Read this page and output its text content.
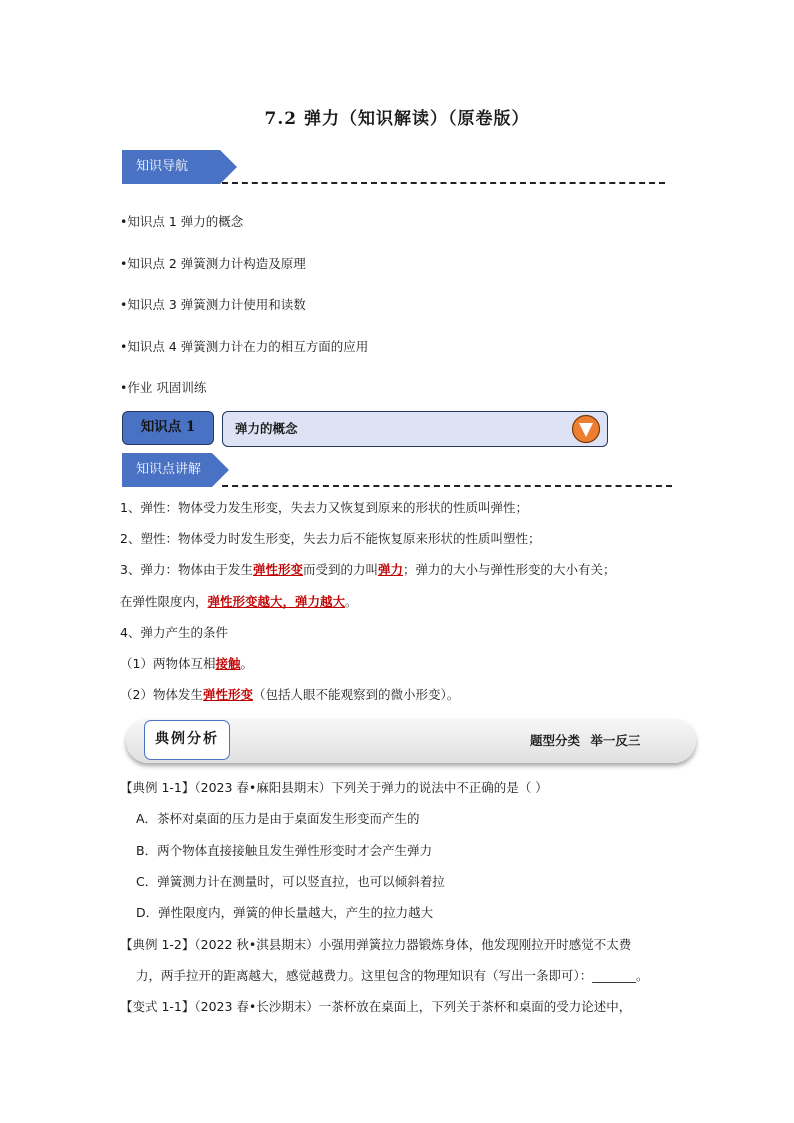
7.2 弹力（知识解读）（原卷版）
知识导航
•知识点 1 弹力的概念
•知识点 2 弹簧测力计构造及原理
•知识点 3 弹簧测力计使用和读数
•知识点 4 弹簧测力计在力的相互方面的应用
•作业 巩固训练
知识点 1	弹力的概念
知识点讲解
1、弹性：物体受力发生形变，失去力又恢复到原来的形状的性质叫弹性；
2、塑性：物体受力时发生形变，失去力后不能恢复原来形状的性质叫塑性；
3、弹力：物体由于发生弹性形变而受到的力叫弹力；弹力的大小与弹性形变的大小有关；
在弹性限度内，弹性形变越大，弹力越大。
4、弹力产生的条件
（1）两物体互相接触。
（2）物体发生弹性形变（包括人眼不能观察到的微小形变）。
典例分析	题型分类 举一反三
【典例 1-1】（2023 春•麻阳县期末）下列关于弹力的说法中不正确的是（ ）
A．茶杯对桌面的压力是由于桌面发生形变而产生的
B．两个物体直接接触且发生弹性形变时才会产生弹力
C．弹簧测力计在测量时，可以竖直拉，也可以倾斜着拉
D．弹性限度内，弹簧的伸长量越大，产生的拉力越大
【典例 1-2】（2022 秋•淇县期末）小强用弹簧拉力器锻炼身体，他发现刚拉开时感觉不太费
力，两手拉开的距离越大，感觉越费力。这里包含的物理知识有（写出一条即可）：_______。
【变式 1-1】（2023 春•长沙期末）一茶杯放在桌面上，下列关于茶杯和桌面的受力论述中，
